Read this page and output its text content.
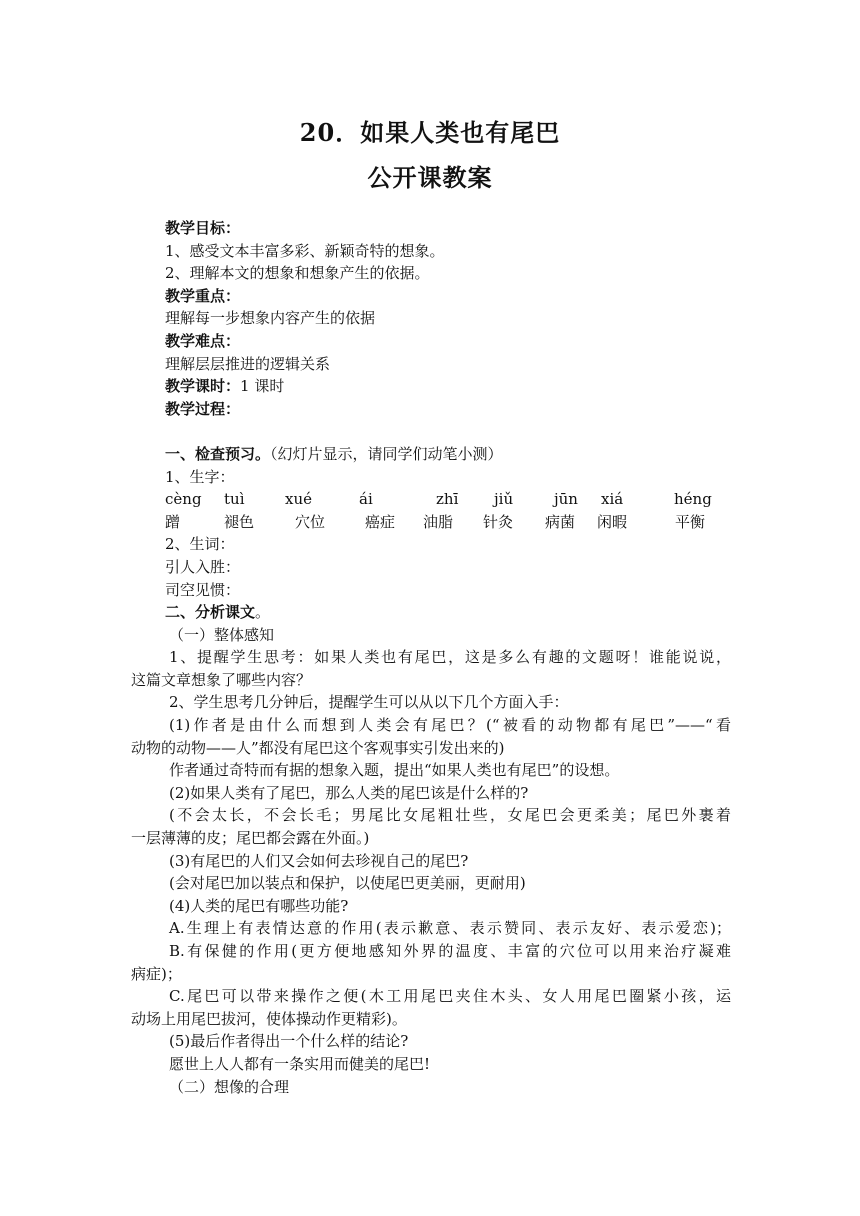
20．如果人类也有尾巴
公开课教案
教学目标：
1、感受文本丰富多彩、新颖奇特的想象。
2、理解本文的想象和想象产生的依据。
教学重点：
理解每一步想象内容产生的依据
教学难点：
理解层层推进的逻辑关系
教学课时：1 课时
教学过程：
一、检查预习。（幻灯片显示，请同学们动笔小测）
1、生字：
cèng	tuì	xué	ái	zhī	jiǔ	jūn	xiá	héng
蹭	褪色	穴位	癌症	油脂	针灸	病菌	闲暇	平衡
2、生词：
引人入胜：
司空见惯：
二、分析课文。
（一）整体感知
1、提醒学生思考：如果人类也有尾巴，这是多么有趣的文题呀！谁能说说，
这篇文章想象了哪些内容？
2、学生思考几分钟后，提醒学生可以从以下几个方面入手：
(1)作者是由什么而想到人类会有尾巴？(“被看的动物都有尾巴”——“看
动物的动物——人”都没有尾巴这个客观事实引发出来的)
作者通过奇特而有据的想象入题，提出“如果人类也有尾巴”的设想。
(2)如果人类有了尾巴，那么人类的尾巴该是什么样的?
(不会太长，不会长毛；男尾比女尾粗壮些，女尾巴会更柔美；尾巴外裹着
一层薄薄的皮；尾巴都会露在外面。)
(3)有尾巴的人们又会如何去珍视自己的尾巴?
(会对尾巴加以装点和保护，以使尾巴更美丽，更耐用)
(4)人类的尾巴有哪些功能?
A.生理上有表情达意的作用(表示歉意、表示赞同、表示友好、表示爱恋)；
B.有保健的作用(更方便地感知外界的温度、丰富的穴位可以用来治疗凝难
病症)；
C.尾巴可以带来操作之便(木工用尾巴夹住木头、女人用尾巴圈紧小孩，运
动场上用尾巴拔河，使体操动作更精彩)。
(5)最后作者得出一个什么样的结论?
愿世上人人都有一条实用而健美的尾巴!
（二）想像的合理
